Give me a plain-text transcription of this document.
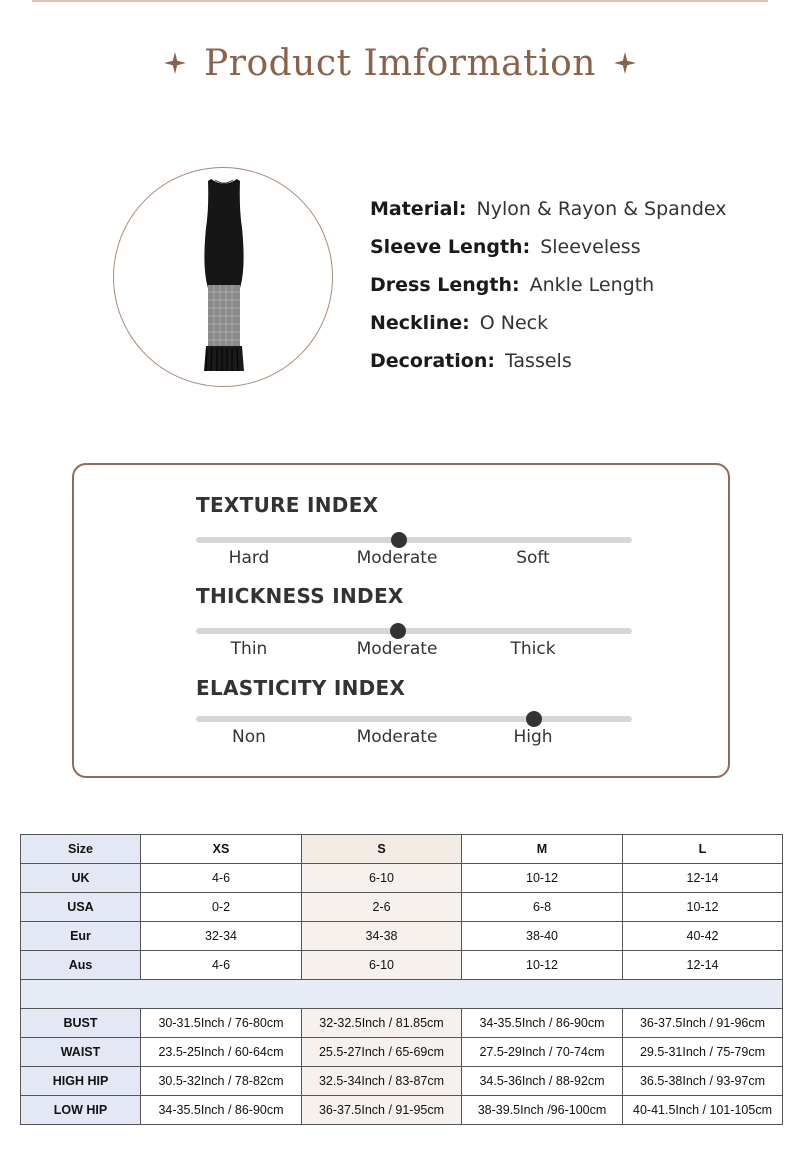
Product Imformation
Material: Nylon & Rayon & Spandex
Sleeve Length: Sleeveless
Dress Length: Ankle Length
Neckline: O Neck
Decoration: Tassels
TEXTURE INDEX
Hard	Moderate	Soft
THICKNESS INDEX
Thin	Moderate	Thick
ELASTICITY INDEX
Non	Moderate	High
Size	XS	S	M	L
UK	4-6	6-10	10-12	12-14
USA	0-2	2-6	6-8	10-12
Eur	32-34	34-38	38-40	40-42
Aus	4-6	6-10	10-12	12-14

BUST	30-31.5Inch / 76-80cm	32-32.5Inch / 81.85cm	34-35.5Inch / 86-90cm	36-37.5Inch / 91-96cm
WAIST	23.5-25Inch / 60-64cm	25.5-27Inch / 65-69cm	27.5-29Inch / 70-74cm	29.5-31Inch / 75-79cm
HIGH HIP	30.5-32Inch / 78-82cm	32.5-34Inch / 83-87cm	34.5-36Inch / 88-92cm	36.5-38Inch / 93-97cm
LOW HIP	34-35.5Inch / 86-90cm	36-37.5Inch / 91-95cm	38-39.5Inch /96-100cm	40-41.5Inch / 101-105cm
